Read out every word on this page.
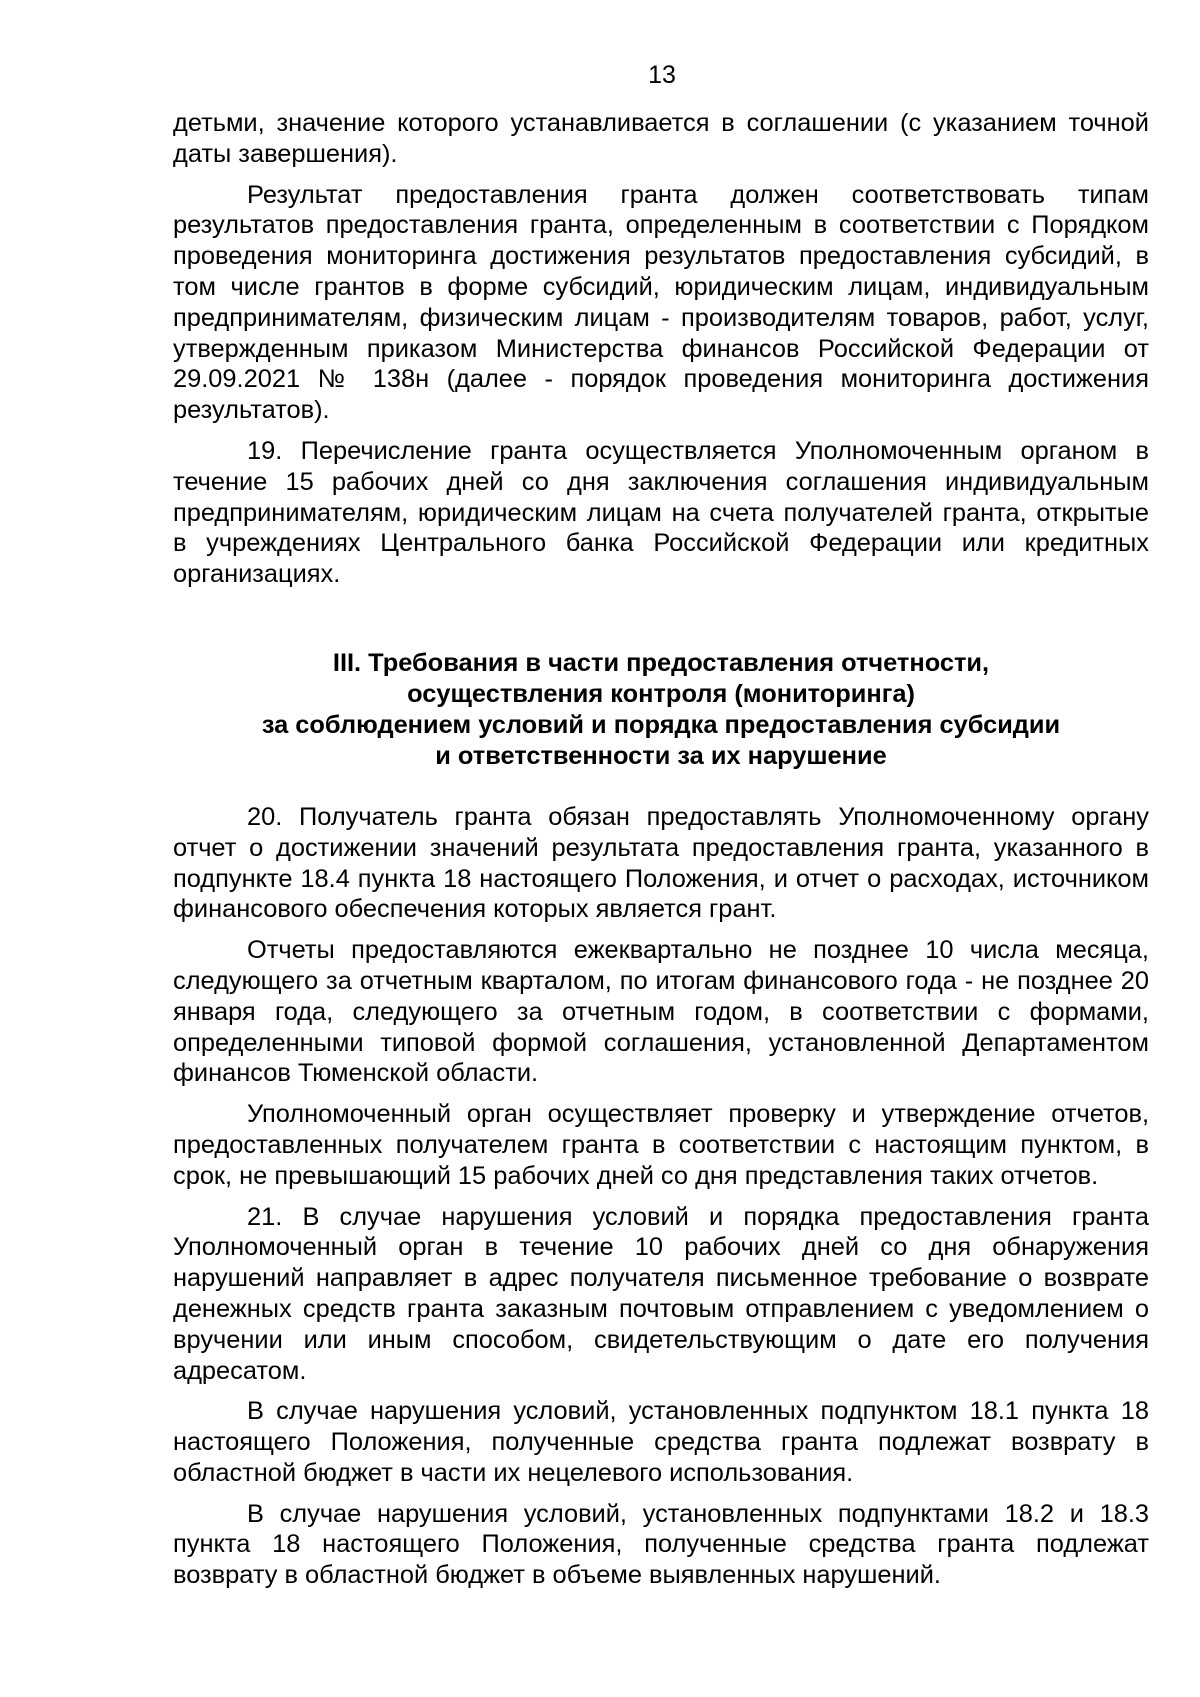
13

детьми, значение которого устанавливается в соглашении (с указанием точной даты завершения).

Результат предоставления гранта должен соответствовать типам результатов предоставления гранта, определенным в соответствии с Порядком проведения мониторинга достижения результатов предоставления субсидий, в том числе грантов в форме субсидий, юридическим лицам, индивидуальным предпринимателям, физическим лицам - производителям товаров, работ, услуг, утвержденным приказом Министерства финансов Российской Федерации от 29.09.2021 № 138н (далее - порядок проведения мониторинга достижения результатов).

19. Перечисление гранта осуществляется Уполномоченным органом в течение 15 рабочих дней со дня заключения соглашения индивидуальным предпринимателям, юридическим лицам на счета получателей гранта, открытые в учреждениях Центрального банка Российской Федерации или кредитных организациях.

III. Требования в части предоставления отчетности,
осуществления контроля (мониторинга)
за соблюдением условий и порядка предоставления субсидии
и ответственности за их нарушение

20. Получатель гранта обязан предоставлять Уполномоченному органу отчет о достижении значений результата предоставления гранта, указанного в подпункте 18.4 пункта 18 настоящего Положения, и отчет о расходах, источником финансового обеспечения которых является грант.

Отчеты предоставляются ежеквартально не позднее 10 числа месяца, следующего за отчетным кварталом, по итогам финансового года - не позднее 20 января года, следующего за отчетным годом, в соответствии с формами, определенными типовой формой соглашения, установленной Департаментом финансов Тюменской области.

Уполномоченный орган осуществляет проверку и утверждение отчетов, предоставленных получателем гранта в соответствии с настоящим пунктом, в срок, не превышающий 15 рабочих дней со дня представления таких отчетов.

21. В случае нарушения условий и порядка предоставления гранта Уполномоченный орган в течение 10 рабочих дней со дня обнаружения нарушений направляет в адрес получателя письменное требование о возврате денежных средств гранта заказным почтовым отправлением с уведомлением о вручении или иным способом, свидетельствующим о дате его получения адресатом.

В случае нарушения условий, установленных подпунктом 18.1 пункта 18 настоящего Положения, полученные средства гранта подлежат возврату в областной бюджет в части их нецелевого использования.

В случае нарушения условий, установленных подпунктами 18.2 и 18.3 пункта 18 настоящего Положения, полученные средства гранта подлежат возврату в областной бюджет в объеме выявленных нарушений.
